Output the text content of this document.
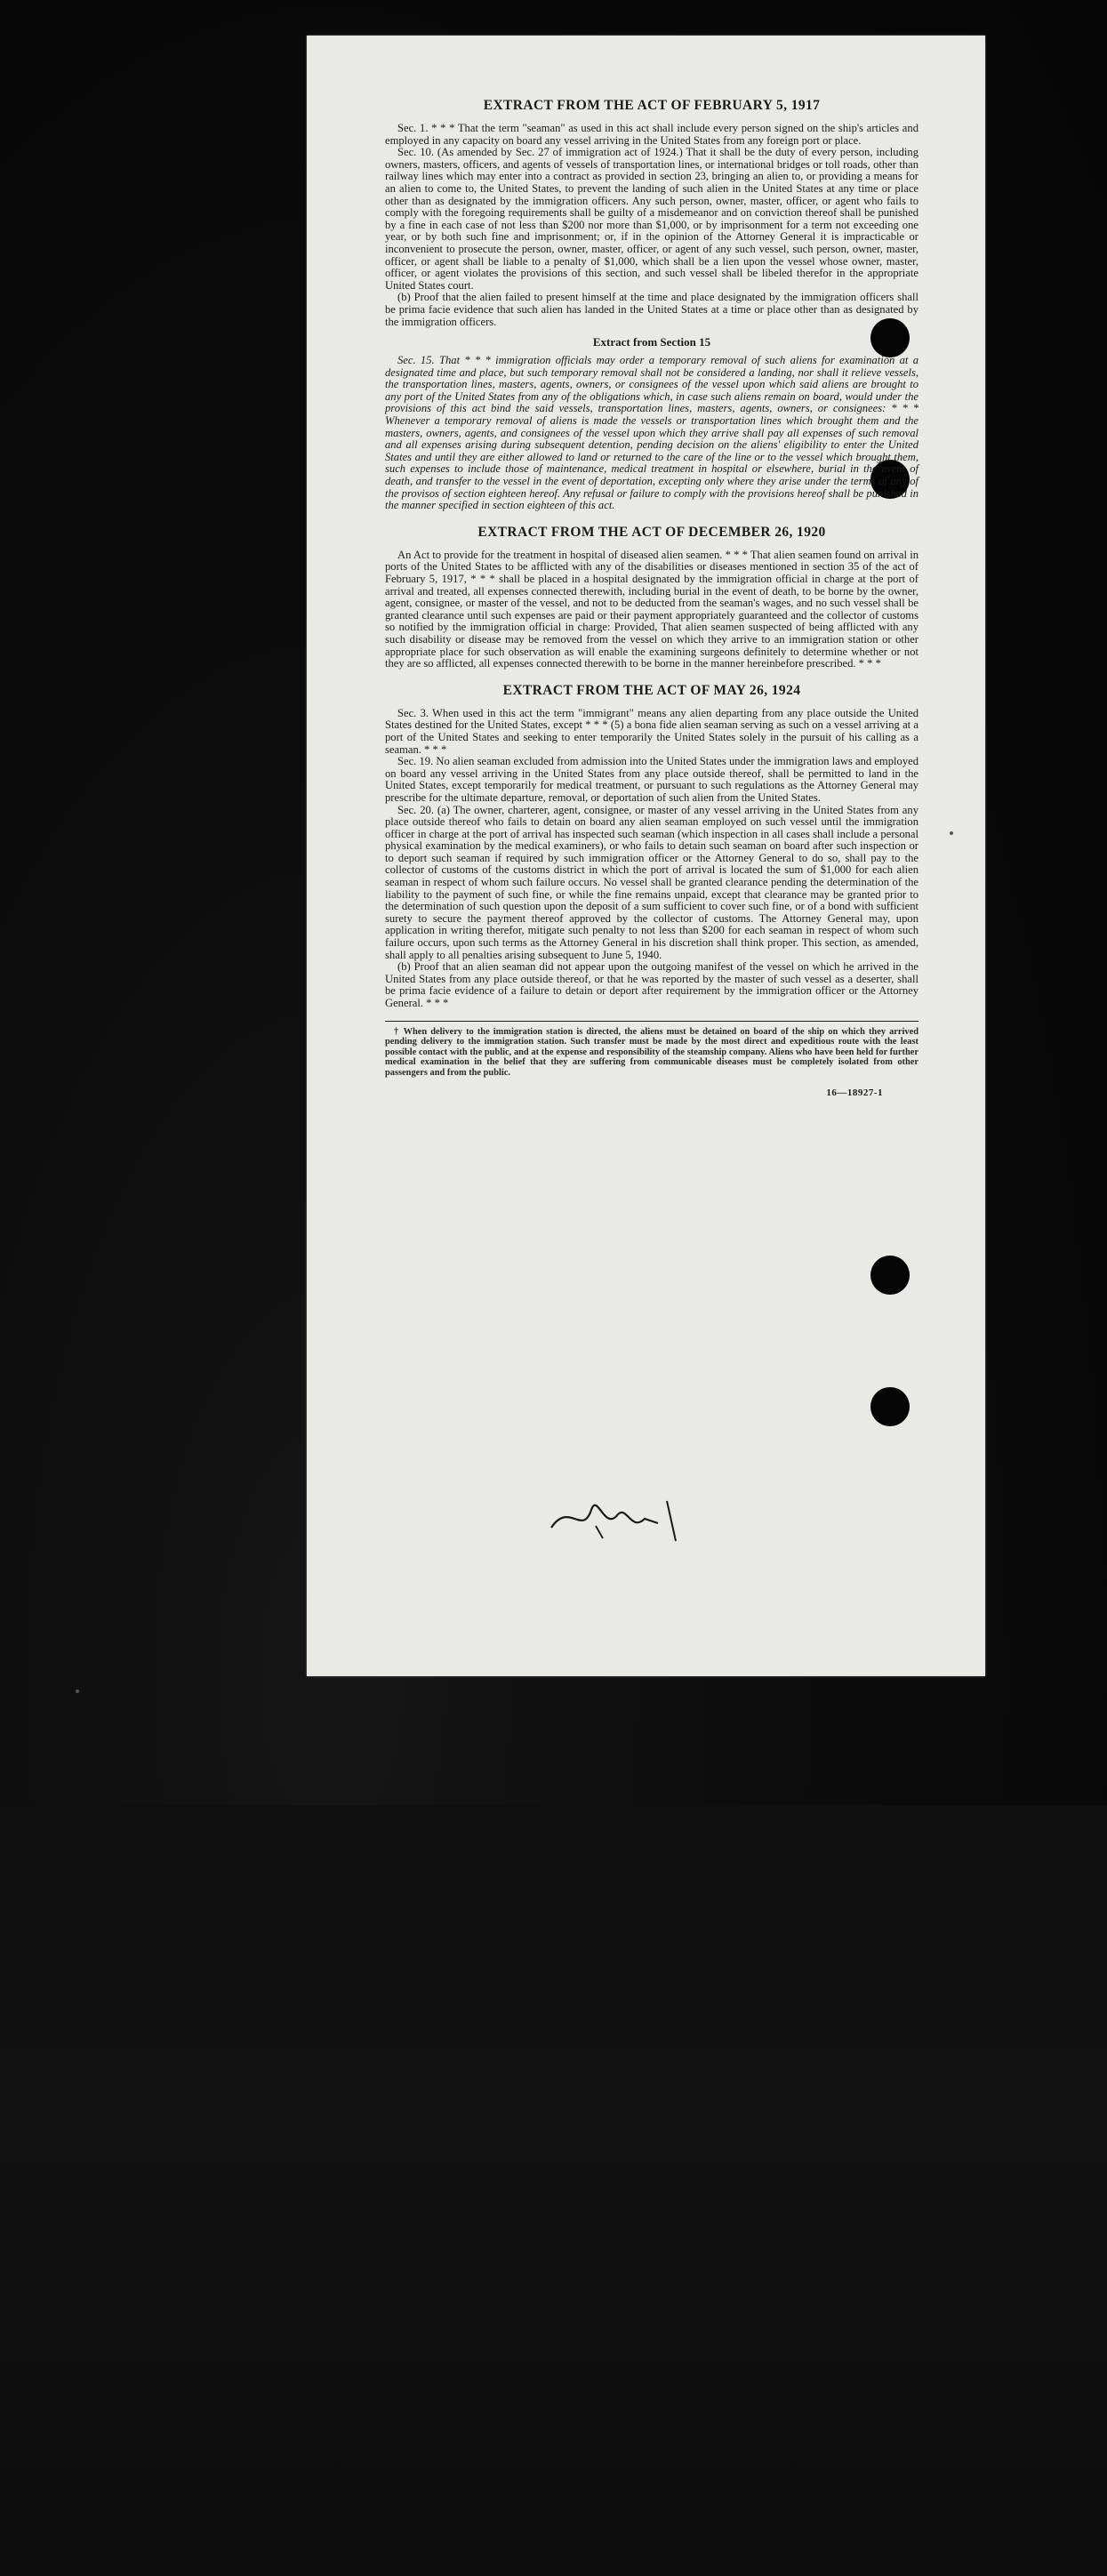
EXTRACT FROM THE ACT OF FEBRUARY 5, 1917

Sec. 1. * * * That the term "seaman" as used in this act shall include every person signed on the ship's articles and employed in any capacity on board any vessel arriving in the United States from any foreign port or place.

Sec. 10. (As amended by Sec. 27 of immigration act of 1924.) That it shall be the duty of every person, including owners, masters, officers, and agents of vessels of transportation lines, or international bridges or toll roads, other than railway lines which may enter into a contract as provided in section 23, bringing an alien to, or providing a means for an alien to come to, the United States, to prevent the landing of such alien in the United States at any time or place other than as designated by the immigration officers. Any such person, owner, master, officer, or agent who fails to comply with the foregoing requirements shall be guilty of a misdemeanor and on conviction thereof shall be punished by a fine in each case of not less than $200 nor more than $1,000, or by imprisonment for a term not exceeding one year, or by both such fine and imprisonment; or, if in the opinion of the Attorney General it is impracticable or inconvenient to prosecute the person, owner, master, officer, or agent of any such vessel, such person, owner, master, officer, or agent shall be liable to a penalty of $1,000, which shall be a lien upon the vessel whose owner, master, officer, or agent violates the provisions of this section, and such vessel shall be libeled therefor in the appropriate United States court.

(b) Proof that the alien failed to present himself at the time and place designated by the immigration officers shall be prima facie evidence that such alien has landed in the United States at a time or place other than as designated by the immigration officers.

Extract from Section 15

Sec. 15. That * * * immigration officials may order a temporary removal of such aliens for examination at a designated time and place, but such temporary removal shall not be considered a landing, nor shall it relieve vessels, the transportation lines, masters, agents, owners, or consignees of the vessel upon which said aliens are brought to any port of the United States from any of the obligations which, in case such aliens remain on board, would under the provisions of this act bind the said vessels, transportation lines, masters, agents, owners, or consignees: * * * Whenever a temporary removal of aliens is made the vessels or transportation lines which brought them and the masters, owners, agents, and consignees of the vessel upon which they arrive shall pay all expenses of such removal and all expenses arising during subsequent detention, pending decision on the aliens' eligibility to enter the United States and until they are either allowed to land or returned to the care of the line or to the vessel which brought them, such expenses to include those of maintenance, medical treatment in hospital or elsewhere, burial in the event of death, and transfer to the vessel in the event of deportation, excepting only where they arise under the terms of any of the provisos of section eighteen hereof. Any refusal or failure to comply with the provisions hereof shall be punished in the manner specified in section eighteen of this act.

EXTRACT FROM THE ACT OF DECEMBER 26, 1920

An Act to provide for the treatment in hospital of diseased alien seamen. * * * That alien seamen found on arrival in ports of the United States to be afflicted with any of the disabilities or diseases mentioned in section 35 of the act of February 5, 1917, * * * shall be placed in a hospital designated by the immigration official in charge at the port of arrival and treated, all expenses connected therewith, including burial in the event of death, to be borne by the owner, agent, consignee, or master of the vessel, and not to be deducted from the seaman's wages, and no such vessel shall be granted clearance until such expenses are paid or their payment appropriately guaranteed and the collector of customs so notified by the immigration official in charge: Provided, That alien seamen suspected of being afflicted with any such disability or disease may be removed from the vessel on which they arrive to an immigration station or other appropriate place for such observation as will enable the examining surgeons definitely to determine whether or not they are so afflicted, all expenses connected therewith to be borne in the manner hereinbefore prescribed. * * *

EXTRACT FROM THE ACT OF MAY 26, 1924

Sec. 3. When used in this act the term "immigrant" means any alien departing from any place outside the United States destined for the United States, except * * * (5) a bona fide alien seaman serving as such on a vessel arriving at a port of the United States and seeking to enter temporarily the United States solely in the pursuit of his calling as a seaman. * * *

Sec. 19. No alien seaman excluded from admission into the United States under the immigration laws and employed on board any vessel arriving in the United States from any place outside thereof, shall be permitted to land in the United States, except temporarily for medical treatment, or pursuant to such regulations as the Attorney General may prescribe for the ultimate departure, removal, or deportation of such alien from the United States.

Sec. 20. (a) The owner, charterer, agent, consignee, or master of any vessel arriving in the United States from any place outside thereof who fails to detain on board any alien seaman employed on such vessel until the immigration officer in charge at the port of arrival has inspected such seaman (which inspection in all cases shall include a personal physical examination by the medical examiners), or who fails to detain such seaman on board after such inspection or to deport such seaman if required by such immigration officer or the Attorney General to do so, shall pay to the collector of customs of the customs district in which the port of arrival is located the sum of $1,000 for each alien seaman in respect of whom such failure occurs. No vessel shall be granted clearance pending the determination of the liability to the payment of such fine, or while the fine remains unpaid, except that clearance may be granted prior to the determination of such question upon the deposit of a sum sufficient to cover such fine, or of a bond with sufficient surety to secure the payment thereof approved by the collector of customs. The Attorney General may, upon application in writing therefor, mitigate such penalty to not less than $200 for each seaman in respect of whom such failure occurs, upon such terms as the Attorney General in his discretion shall think proper. This section, as amended, shall apply to all penalties arising subsequent to June 5, 1940.

(b) Proof that an alien seaman did not appear upon the outgoing manifest of the vessel on which he arrived in the United States from any place outside thereof, or that he was reported by the master of such vessel as a deserter, shall be prima facie evidence of a failure to detain or deport after requirement by the immigration officer or the Attorney General. * * *

† When delivery to the immigration station is directed, the aliens must be detained on board of the ship on which they arrived pending delivery to the immigration station. Such transfer must be made by the most direct and expeditious route with the least possible contact with the public, and at the expense and responsibility of the steamship company. Aliens who have been held for further medical examination in the belief that they are suffering from communicable diseases must be completely isolated from other passengers and from the public.

16—18927-1
